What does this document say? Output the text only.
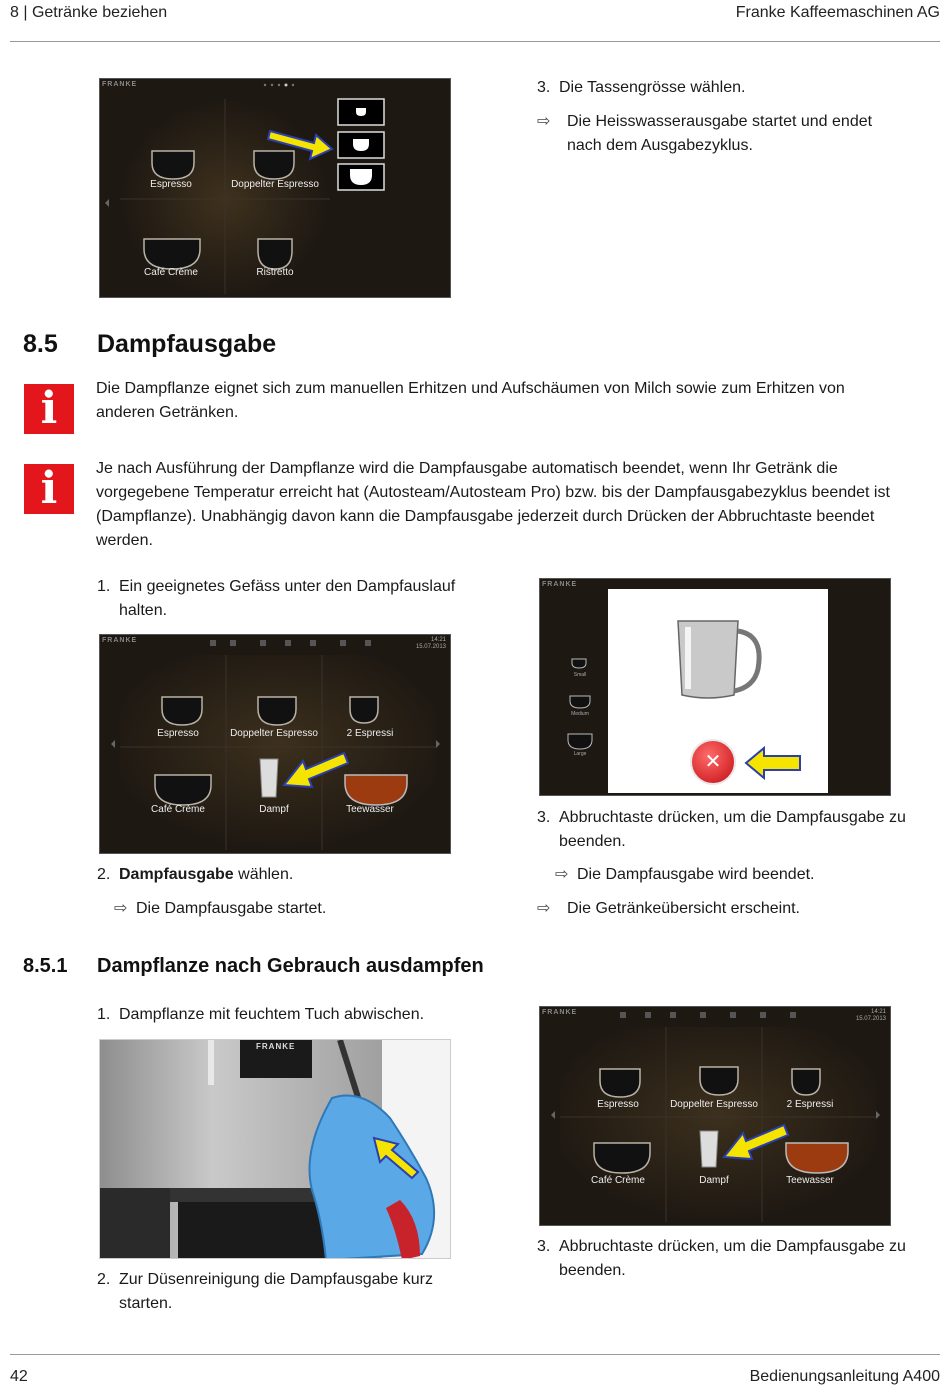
8 | Getränke beziehen	Franke Kaffeemaschinen AG
FRANKE
Espresso	Doppelter Espresso
Café Crème	Ristretto
3. Die Tassengrösse wählen.
⇨	Die Heisswasserausgabe startet und endet nach dem Ausgabezyklus.
8.5 Dampfausgabe
i	Die Dampflanze eignet sich zum manuellen Erhitzen und Aufschäumen von Milch sowie zum Erhitzen von anderen Getränken.
i	Je nach Ausführung der Dampflanze wird die Dampfausgabe automatisch beendet, wenn Ihr Getränk die vorgegebene Temperatur erreicht hat (Autosteam/Autosteam Pro) bzw. bis der Dampfausgabezyklus beendet ist (Dampflanze). Unabhängig davon kann die Dampfausgabe jederzeit durch Drücken der Abbruchtaste beendet werden.
1. Ein geeignetes Gefäss unter den Dampfauslauf halten.
FRANKE	14:21
15.07.2013
Espresso	Doppelter Espresso	2 Espressi
Café Crème	Dampf	Teewasser
2. Dampfausgabe wählen.
⇨ Die Dampfausgabe startet.
FRANKE
✕
Small
Medium
Large
3. Abbruchtaste drücken, um die Dampfausgabe zu beenden.
⇨ Die Dampfausgabe wird beendet.
⇨	Die Getränkeübersicht erscheint.
8.5.1 Dampflanze nach Gebrauch ausdampfen
1. Dampflanze mit feuchtem Tuch abwischen.
FRANKE
2. Zur Düsenreinigung die Dampfausgabe kurz starten.
FRANKE	14:21
15.07.2013
Espresso	Doppelter Espresso	2 Espressi
Café Crème	Dampf	Teewasser
3. Abbruchtaste drücken, um die Dampfausgabe zu beenden.
42	Bedienungsanleitung A400
